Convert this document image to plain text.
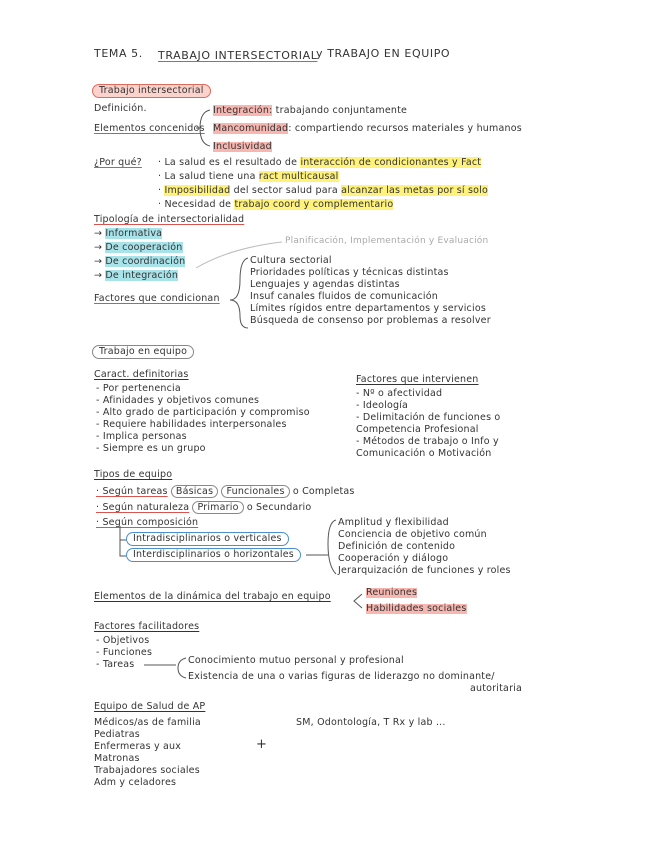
TEMA 5. TRABAJO INTERSECTORIAL
y TRABAJO EN EQUIPO
Trabajo intersectorial
Definición.
Elementos concenidos
Integración: trabajando conjuntamente
Mancomunidad: compartiendo recursos materiales y humanos
Inclusividad
¿Por qué? · La salud es el resultado de interacción de condicionantes y Fact
· La salud tiene una ract multicausal
· Imposibilidad del sector salud para alcanzar las metas por sí solo
· Necesidad de trabajo coord y complementario
Tipología de intersectorialidad
→ Informativa
→ De cooperación
→ De coordinación
→ De integración
Planificación, Implementación y Evaluación
Factores que condicionan
Cultura sectorial
Prioridades políticas y técnicas distintas
Lenguajes y agendas distintas
Insuf canales fluidos de comunicación
Límites rígidos entre departamentos y servicios
Búsqueda de consenso por problemas a resolver
Trabajo en equipo
Caract. definitorias
- Por pertenencia
- Afinidades y objetivos comunes
- Alto grado de participación y compromiso
- Requiere habilidades interpersonales
- Implica personas
- Siempre es un grupo
Factores que intervienen
- Nº o afectividad
- Ideología
- Delimitación de funciones o
Competencia Profesional
- Métodos de trabajo o Info y
Comunicación o Motivación
Tipos de equipo
· Según tareas Básicas Funcionales o Completas
· Según naturaleza Primario o Secundario
· Según composición
Intradisciplinarios o verticales
Interdisciplinarios o horizontales
Amplitud y flexibilidad
Conciencia de objetivo común
Definición de contenido
Cooperación y diálogo
Jerarquización de funciones y roles
Elementos de la dinámica del trabajo en equipo	Reuniones
Habilidades sociales
Factores facilitadores
- Objetivos
- Funciones
- Tareas	Conocimiento mutuo personal y profesional
Existencia de una o varias figuras de liderazgo no dominante/
autoritaria
Equipo de Salud de AP
Médicos/as de familia
Pediatras
Enfermeras y aux
Matronas
Trabajadores sociales
Adm y celadores
+
SM, Odontología, T Rx y lab ...
